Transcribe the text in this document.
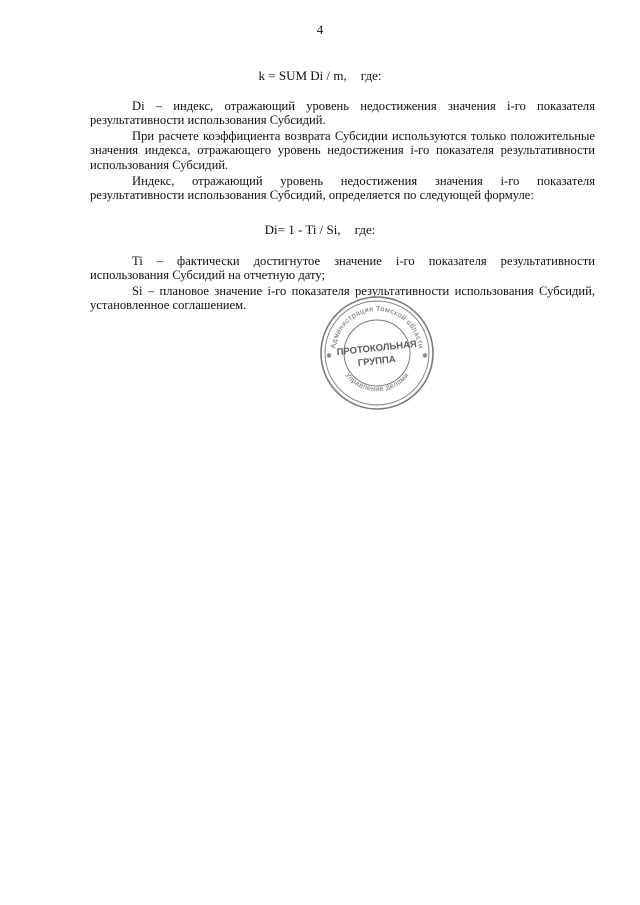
4
k = SUM Di / m, где:

Di – индекс, отражающий уровень недостижения значения i-го показателя результативности использования Субсидий.

При расчете коэффициента возврата Субсидии используются только положительные значения индекса, отражающего уровень недостижения i-го показателя результативности использования Субсидий.

Индекс, отражающий уровень недостижения значения i-го показателя результативности использования Субсидий, определяется по следующей формуле:

Di= 1 - Ti / Si, где:

Ti – фактически достигнутое значение i-го показателя результативности использования Субсидий на отчетную дату;

Si – плановое значение i-го показателя результативности использования Субсидий, установленное соглашением.

Администрация Томской области
Управление делами
✱	✱
ПРОТОКОЛЬНАЯ
ГРУППА
